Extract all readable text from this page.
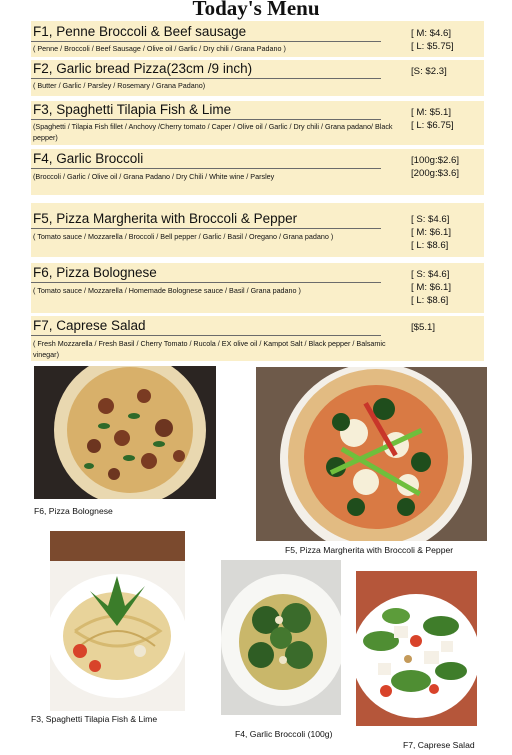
Today's Menu
F1, Penne Broccoli & Beef sausage
( Penne / Broccoli / Beef Sausage / Olive oil / Garlic / Dry chili / Grana Padano )
[ M: $4.6]
[ L: $5.75]
F2, Garlic bread Pizza(23cm /9 inch)
( Butter / Garlic / Parsley / Rosemary / Grana Padano)
[S: $2.3]
F3, Spaghetti Tilapia Fish & Lime
(Spaghetti / Tilapia Fish fillet / Anchovy /Cherry tomato / Caper / Olive oil / Garlic / Dry chili / Grana padano/ Black pepper)
[ M: $5.1]
[ L: $6.75]
F4, Garlic Broccoli
(Broccoli / Garlic / Olive oil / Grana Padano / Dry Chili / White wine / Parsley
[100g:$2.6]
[200g:$3.6]
F5, Pizza Margherita with Broccoli & Pepper
( Tomato sauce / Mozzarella / Broccoli / Bell pepper / Garlic / Basil / Oregano / Grana padano )
[ S: $4.6]
[ M: $6.1]
[ L: $8.6]
F6, Pizza Bolognese
( Tomato sauce / Mozzarella / Homemade Bolognese sauce / Basil / Grana padano )
[ S: $4.6]
[ M: $6.1]
[ L: $8.6]
F7, Caprese Salad
( Fresh Mozzarella / Fresh Basil / Cherry Tomato / Rucola / EX olive oil / Kampot Salt / Black pepper / Balsamic vinegar)
[$5.1]
F6, Pizza Bolognese
F5, Pizza Margherita with Broccoli & Pepper
F3, Spaghetti Tilapia Fish & Lime
F4, Garlic Broccoli (100g)
F7, Caprese Salad
